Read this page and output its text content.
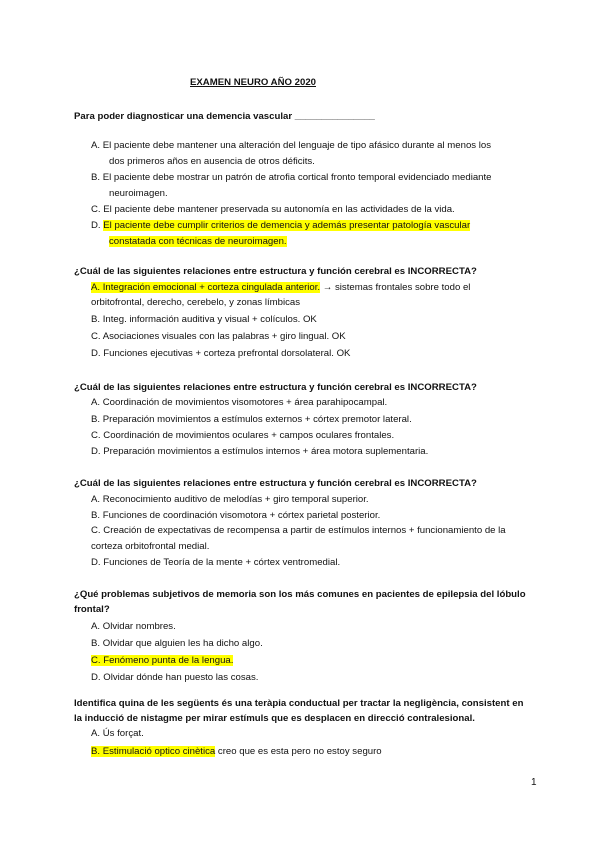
EXAMEN NEURO AÑO 2020
Para poder diagnosticar una demencia vascular _______________
A. El paciente debe mantener una alteración del lenguaje de tipo afásico durante al menos los
dos primeros años en ausencia de otros déficits.
B. El paciente debe mostrar un patrón de atrofia cortical fronto temporal evidenciado mediante
neuroimagen.
C. El paciente debe mantener preservada su autonomía en las actividades de la vida.
D. El paciente debe cumplir criterios de demencia y además presentar patología vascular
constatada con técnicas de neuroimagen.
¿Cuál de las siguientes relaciones entre estructura y función cerebral es INCORRECTA?
A. Integración emocional + corteza cingulada anterior. → sistemas frontales sobre todo el
orbitofrontal, derecho, cerebelo, y zonas límbicas
B. Integ. información auditiva y visual + colículos. OK
C. Asociaciones visuales con las palabras + giro lingual. OK
D. Funciones ejecutivas + corteza prefrontal dorsolateral. OK
¿Cuál de las siguientes relaciones entre estructura y función cerebral es INCORRECTA?
A. Coordinación de movimientos visomotores + área parahipocampal.
B. Preparación movimientos a estímulos externos + córtex premotor lateral.
C. Coordinación de movimientos oculares + campos oculares frontales.
D. Preparación movimientos a estímulos internos + área motora suplementaria.
¿Cuál de las siguientes relaciones entre estructura y función cerebral es INCORRECTA?
A. Reconocimiento auditivo de melodías + giro temporal superior.
B. Funciones de coordinación visomotora + córtex parietal posterior.
C. Creación de expectativas de recompensa a partir de estímulos internos + funcionamiento de la
corteza orbitofrontal medial.
D. Funciones de Teoría de la mente + córtex ventromedial.
¿Qué problemas subjetivos de memoria son los más comunes en pacientes de epilepsia del lóbulo
frontal?
A. Olvidar nombres.
B. Olvidar que alguien les ha dicho algo.
C. Fenómeno punta de la lengua.
D. Olvidar dónde han puesto las cosas.
Identifica quina de les següents és una teràpia conductual per tractar la negligència, consistent en
la inducció de nistagme per mirar estímuls que es desplacen en direcció contralesional.
A. Ús forçat.
B. Estimulació optico cinètica creo que es esta pero no estoy seguro
1
